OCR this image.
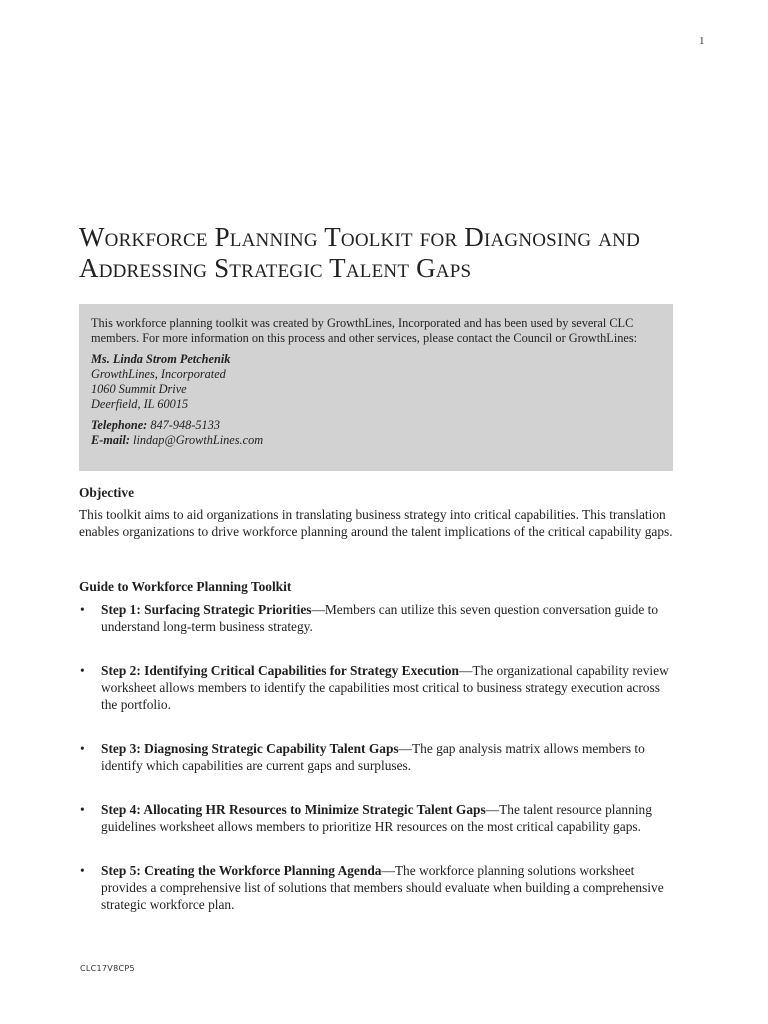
1
Workforce Planning Toolkit for Diagnosing and Addressing Strategic Talent Gaps

This workforce planning toolkit was created by GrowthLines, Incorporated and has been used by several CLC members. For more information on this process and other services, please contact the Council or GrowthLines:

Ms. Linda Strom Petchenik

GrowthLines, Incorporated

1060 Summit Drive

Deerfield, IL 60015

Telephone: 847-948-5133

E-mail: lindap@GrowthLines.com

Objective

This toolkit aims to aid organizations in translating business strategy into critical capabilities. This translation enables organizations to drive workforce planning around the talent implications of the critical capability gaps.

Guide to Workforce Planning Toolkit

• Step 1: Surfacing Strategic Priorities—Members can utilize this seven question conversation guide to understand long-term business strategy.
• Step 2: Identifying Critical Capabilities for Strategy Execution—The organizational capability review worksheet allows members to identify the capabilities most critical to business strategy execution across the portfolio.
• Step 3: Diagnosing Strategic Capability Talent Gaps—The gap analysis matrix allows members to identify which capabilities are current gaps and surpluses.
• Step 4: Allocating HR Resources to Minimize Strategic Talent Gaps—The talent resource planning guidelines worksheet allows members to prioritize HR resources on the most critical capability gaps.
• Step 5: Creating the Workforce Planning Agenda—The workforce planning solutions worksheet provides a comprehensive list of solutions that members should evaluate when building a comprehensive strategic workforce plan.
CLC17V8CP5
